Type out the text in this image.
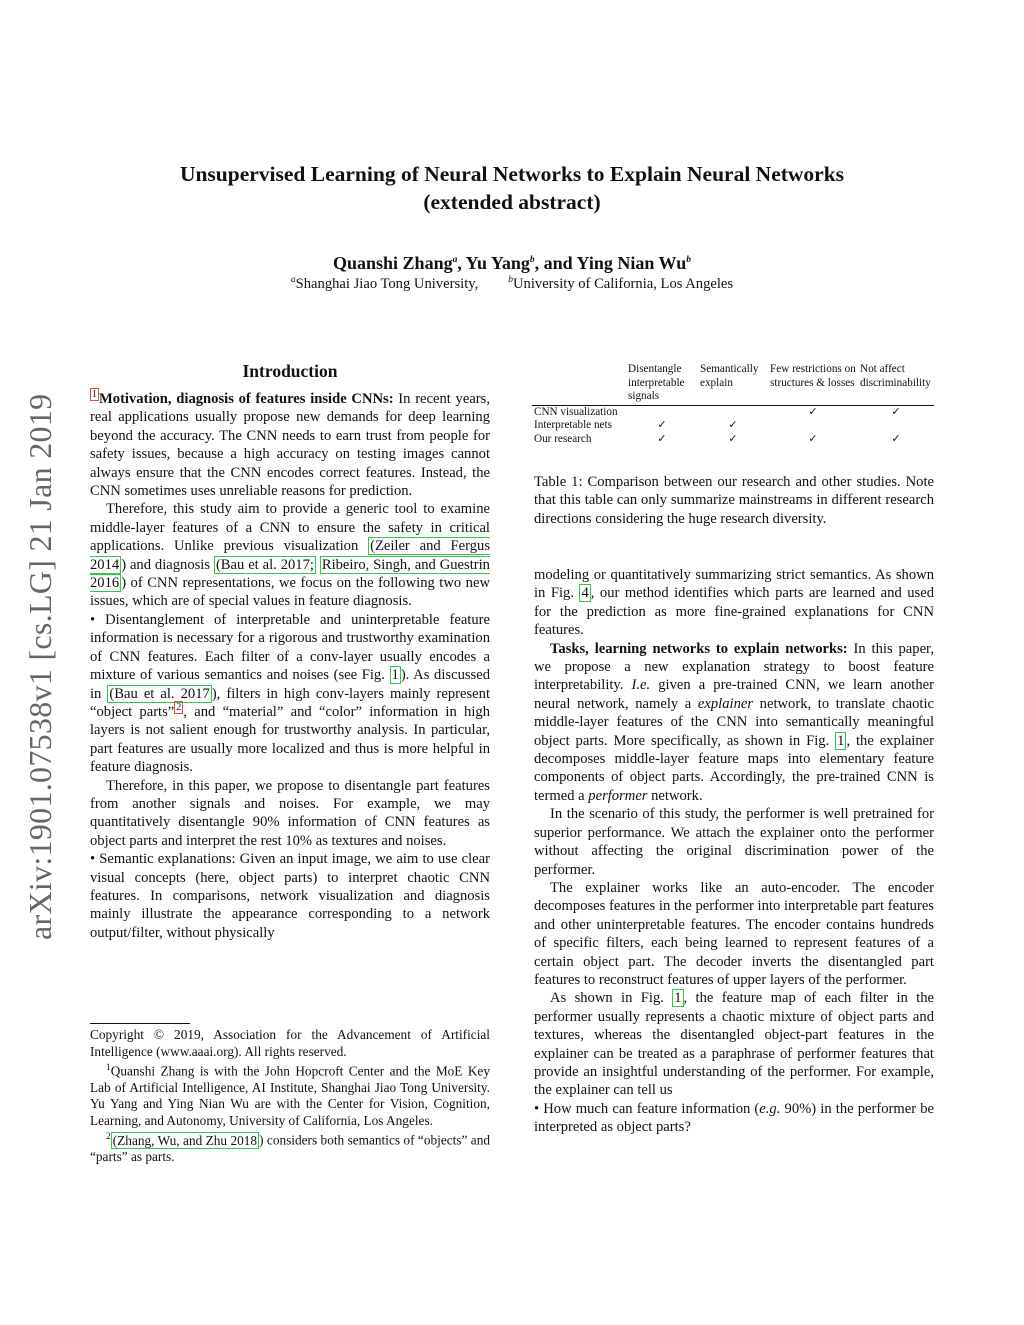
arXiv:1901.07538v1 [cs.LG] 21 Jan 2019
Unsupervised Learning of Neural Networks to Explain Neural Networks
(extended abstract)
Quanshi Zhang$^a$, Yu Yang$^b$, and Ying Nian Wu$^b$
$^a$Shanghai Jiao Tong University,	$^b$University of California, Los Angeles
Introduction

$^1$ Motivation, diagnosis of features inside CNNs: In recent years, real applications usually propose new demands for deep learning beyond the accuracy. The CNN needs to earn trust from people for safety issues, because a high accuracy on testing images cannot always ensure that the CNN encodes correct features. Instead, the CNN sometimes uses unreliable reasons for prediction.

Therefore, this study aim to provide a generic tool to examine middle-layer features of a CNN to ensure the safety in critical applications. Unlike previous visualization (Zeiler and Fergus 2014 ) and diagnosis (Bau et al. 2017; Ribeiro, Singh, and Guestrin 2016 ) of CNN representations, we focus on the following two new issues, which are of special values in feature diagnosis.

• Disentanglement of interpretable and uninterpretable feature information is necessary for a rigorous and trustworthy examination of CNN features. Each filter of a conv-layer usually encodes a mixture of various semantics and noises (see Fig. 1 ). As discussed in (Bau et al. 2017 ), filters in high conv-layers mainly represent “object parts” $^2$ , and “material” and “color” information in high layers is not salient enough for trustworthy analysis. In particular, part features are usually more localized and thus is more helpful in feature diagnosis.

Therefore, in this paper, we propose to disentangle part features from another signals and noises. For example, we may quantitatively disentangle 90% information of CNN features as object parts and interpret the rest 10% as textures and noises.

• Semantic explanations: Given an input image, we aim to use clear visual concepts (here, object parts) to interpret chaotic CNN features. In comparisons, network visualization and diagnosis mainly illustrate the appearance corresponding to a network output/filter, without physically

Copyright © 2019, Association for the Advancement of Artificial Intelligence (www.aaai.org). All rights reserved.

$^1$Quanshi Zhang is with the John Hopcroft Center and the MoE Key Lab of Artificial Intelligence, AI Institute, Shanghai Jiao Tong University. Yu Yang and Ying Nian Wu are with the Center for Vision, Cognition, Learning, and Autonomy, University of California, Los Angeles.

$^2$ (Zhang, Wu, and Zhu 2018 ) considers both semantics of “objects” and “parts” as parts.

	Disentangle interpretable signals	Semantically explain	Few restrictions on structures & losses	Not affect discriminability
CNN visualization			✓	✓
Interpretable nets	✓	✓		
Our research	✓	✓	✓	✓

Table 1: Comparison between our research and other studies. Note that this table can only summarize mainstreams in different research directions considering the huge research diversity.

modeling or quantitatively summarizing strict semantics. As shown in Fig. 4 , our method identifies which parts are learned and used for the prediction as more fine-grained explanations for CNN features.

Tasks, learning networks to explain networks: In this paper, we propose a new explanation strategy to boost feature interpretability. I.e. given a pre-trained CNN, we learn another neural network, namely a explainer network, to translate chaotic middle-layer features of the CNN into semantically meaningful object parts. More specifically, as shown in Fig. 1 , the explainer decomposes middle-layer feature maps into elementary feature components of object parts. Accordingly, the pre-trained CNN is termed a performer network.

In the scenario of this study, the performer is well pretrained for superior performance. We attach the explainer onto the performer without affecting the original discrimination power of the performer.

The explainer works like an auto-encoder. The encoder decomposes features in the performer into interpretable part features and other uninterpretable features. The encoder contains hundreds of specific filters, each being learned to represent features of a certain object part. The decoder inverts the disentangled part features to reconstruct features of upper layers of the performer.

As shown in Fig. 1 , the feature map of each filter in the performer usually represents a chaotic mixture of object parts and textures, whereas the disentangled object-part features in the explainer can be treated as a paraphrase of performer features that provide an insightful understanding of the performer. For example, the explainer can tell us

• How much can feature information (e.g. 90%) in the performer be interpreted as object parts?
